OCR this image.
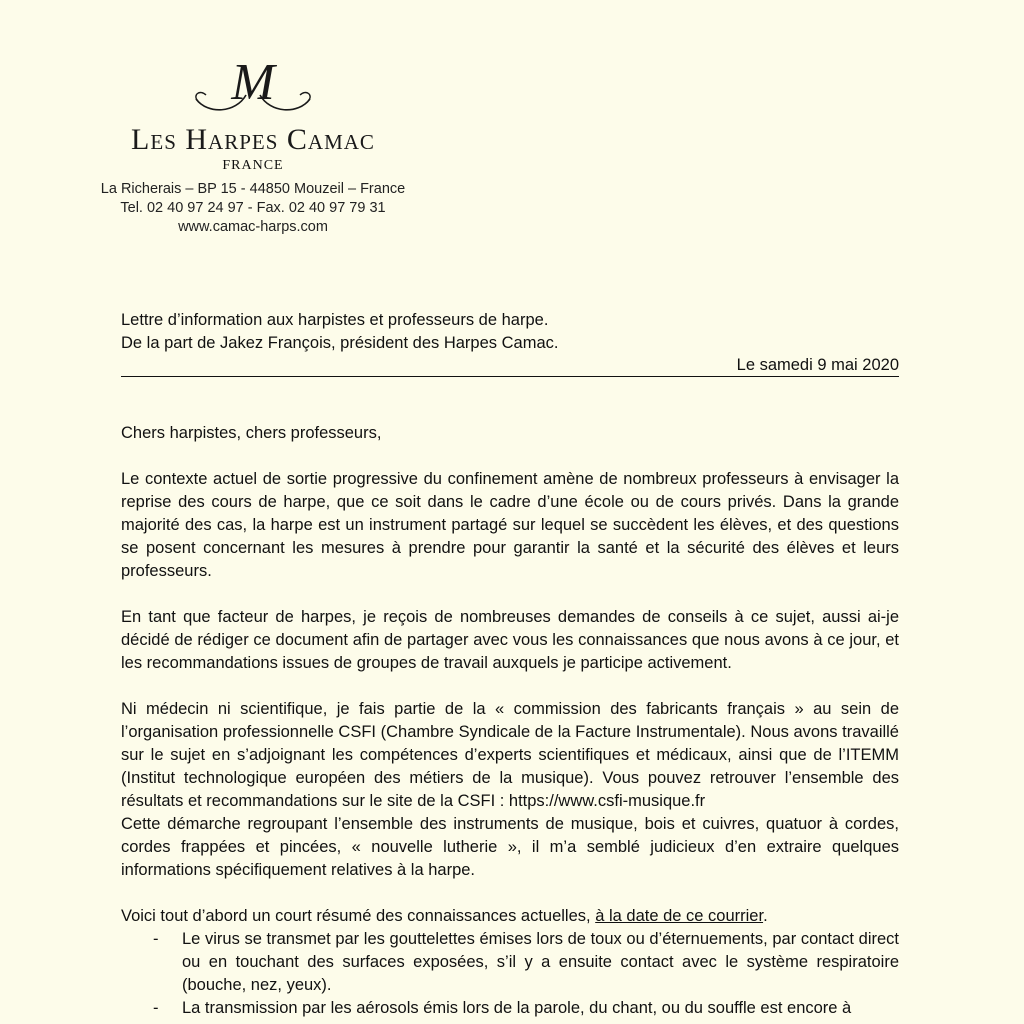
M
Les Harpes Camac
FRANCE
La Richerais – BP 15 - 44850 Mouzeil – France
Tel. 02 40 97 24 97 - Fax. 02 40 97 79 31
www.camac-harps.com
Lettre d’information aux harpistes et professeurs de harpe.
De la part de Jakez François, président des Harpes Camac.
Le samedi 9 mai 2020

Chers harpistes, chers professeurs,

Le contexte actuel de sortie progressive du confinement amène de nombreux professeurs à envisager la reprise des cours de harpe, que ce soit dans le cadre d’une école ou de cours privés. Dans la grande majorité des cas, la harpe est un instrument partagé sur lequel se succèdent les élèves, et des questions se posent concernant les mesures à prendre pour garantir la santé et la sécurité des élèves et leurs professeurs.

En tant que facteur de harpes, je reçois de nombreuses demandes de conseils à ce sujet, aussi ai-je décidé de rédiger ce document afin de partager avec vous les connaissances que nous avons à ce jour, et les recommandations issues de groupes de travail auxquels je participe activement.

Ni médecin ni scientifique, je fais partie de la « commission des fabricants français » au sein de l’organisation professionnelle CSFI (Chambre Syndicale de la Facture Instrumentale). Nous avons travaillé sur le sujet en s’adjoignant les compétences d’experts scientifiques et médicaux, ainsi que de l’ITEMM (Institut technologique européen des métiers de la musique). Vous pouvez retrouver l’ensemble des résultats et recommandations sur le site de la CSFI : https://www.csfi-musique.fr

Cette démarche regroupant l’ensemble des instruments de musique, bois et cuivres, quatuor à cordes, cordes frappées et pincées, « nouvelle lutherie », il m’a semblé judicieux d’en extraire quelques informations spécifiquement relatives à la harpe.

Voici tout d’abord un court résumé des connaissances actuelles, à la date de ce courrier.

- Le virus se transmet par les gouttelettes émises lors de toux ou d’éternuements, par contact direct ou en touchant des surfaces exposées, s’il y a ensuite contact avec le système respiratoire (bouche, nez, yeux).
- La transmission par les aérosols émis lors de la parole, du chant, ou du souffle est encore à
